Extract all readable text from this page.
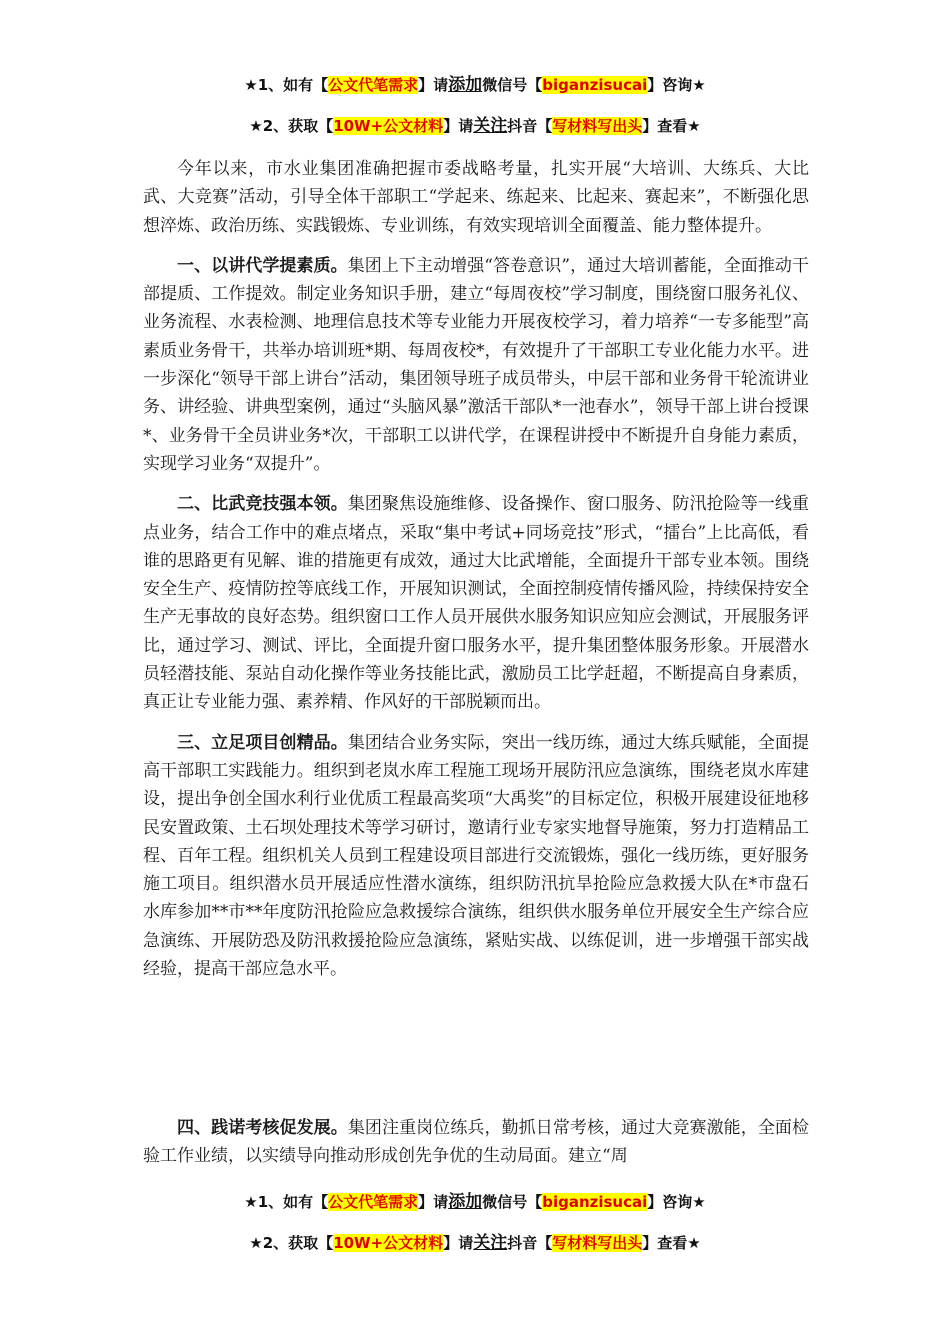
★1、如有【公文代笔需求】请添加微信号【biganzisucai】咨询★
★2、获取【10W+公文材料】请关注抖音【写材料写出头】查看★

今年以来，市水业集团准确把握市委战略考量，扎实开展“大培训、大练兵、大比武、大竞赛”活动，引导全体干部职工“学起来、练起来、比起来、赛起来”，不断强化思想淬炼、政治历练、实践锻炼、专业训练，有效实现培训全面覆盖、能力整体提升。

一、以讲代学提素质。集团上下主动增强“答卷意识”，通过大培训蓄能，全面推动干部提质、工作提效。制定业务知识手册，建立“每周夜校”学习制度，围绕窗口服务礼仪、业务流程、水表检测、地理信息技术等专业能力开展夜校学习，着力培养“一专多能型”高素质业务骨干，共举办培训班*期、每周夜校*，有效提升了干部职工专业化能力水平。进一步深化“领导干部上讲台”活动，集团领导班子成员带头，中层干部和业务骨干轮流讲业务、讲经验、讲典型案例，通过“头脑风暴”激活干部队*一池春水”，领导干部上讲台授课*、业务骨干全员讲业务*次，干部职工以讲代学，在课程讲授中不断提升自身能力素质，实现学习业务“双提升”。

二、比武竞技强本领。集团聚焦设施维修、设备操作、窗口服务、防汛抢险等一线重点业务，结合工作中的难点堵点，采取“集中考试+同场竞技”形式，“擂台”上比高低，看谁的思路更有见解、谁的措施更有成效，通过大比武增能，全面提升干部专业本领。围绕安全生产、疫情防控等底线工作，开展知识测试，全面控制疫情传播风险，持续保持安全生产无事故的良好态势。组织窗口工作人员开展供水服务知识应知应会测试，开展服务评比，通过学习、测试、评比，全面提升窗口服务水平，提升集团整体服务形象。开展潜水员轻潜技能、泵站自动化操作等业务技能比武，激励员工比学赶超，不断提高自身素质，真正让专业能力强、素养精、作风好的干部脱颖而出。

三、立足项目创精品。集团结合业务实际，突出一线历练，通过大练兵赋能，全面提高干部职工实践能力。组织到老岚水库工程施工现场开展防汛应急演练，围绕老岚水库建设，提出争创全国水利行业优质工程最高奖项“大禹奖”的目标定位，积极开展建设征地移民安置政策、土石坝处理技术等学习研讨，邀请行业专家实地督导施策，努力打造精品工程、百年工程。组织机关人员到工程建设项目部进行交流锻炼，强化一线历练，更好服务施工项目。组织潜水员开展适应性潜水演练，组织防汛抗旱抢险应急救援大队在*市盘石水库参加**市**年度防汛抢险应急救援综合演练，组织供水服务单位开展安全生产综合应急演练、开展防恐及防汛救援抢险应急演练，紧贴实战、以练促训，进一步增强干部实战经验，提高干部应急水平。

四、践诺考核促发展。集团注重岗位练兵，勤抓日常考核，通过大竞赛激能，全面检验工作业绩，以实绩导向推动形成创先争优的生动局面。建立“周

★1、如有【公文代笔需求】请添加微信号【biganzisucai】咨询★
★2、获取【10W+公文材料】请关注抖音【写材料写出头】查看★
